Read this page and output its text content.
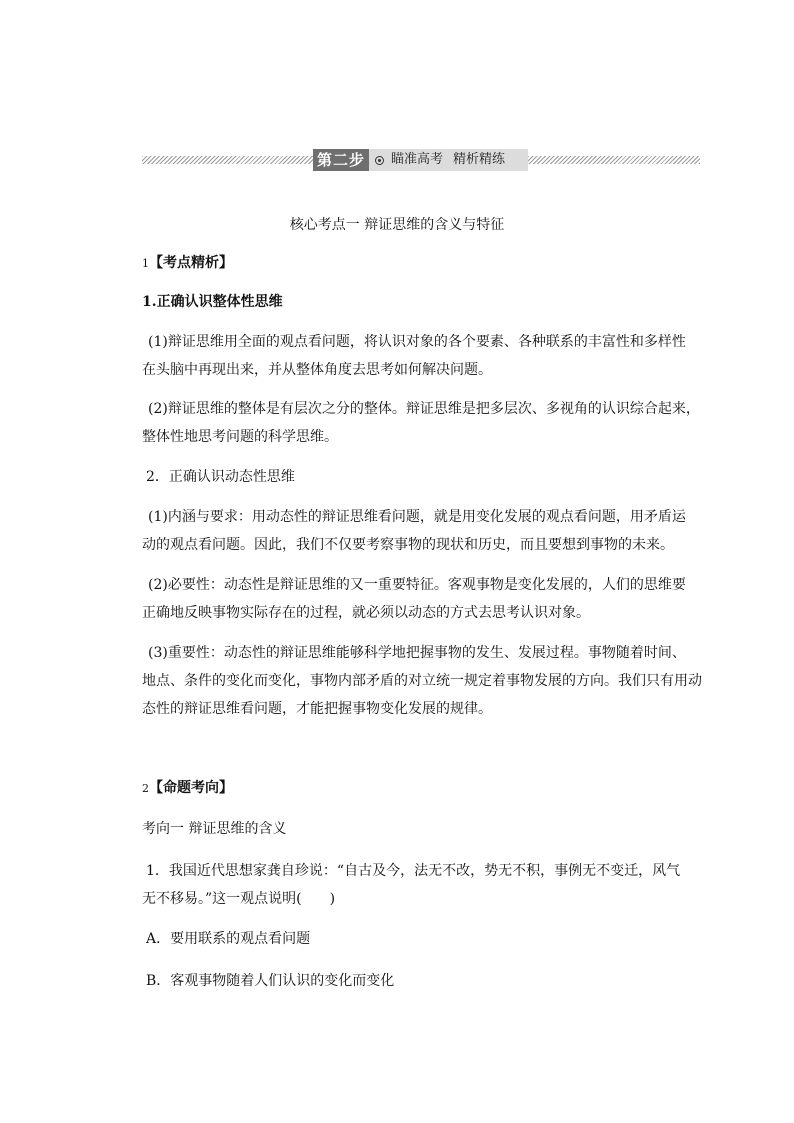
第二步	瞄准高考 精析精练
核心考点一 辩证思维的含义与特征
1【考点精析】
1.正确认识整体性思维
(1)辩证思维用全面的观点看问题，将认识对象的各个要素、各种联系的丰富性和多样性
在头脑中再现出来，并从整体角度去思考如何解决问题。
(2)辩证思维的整体是有层次之分的整体。辩证思维是把多层次、多视角的认识综合起来，
整体性地思考问题的科学思维。
2．正确认识动态性思维
(1)内涵与要求：用动态性的辩证思维看问题，就是用变化发展的观点看问题，用矛盾运
动的观点看问题。因此，我们不仅要考察事物的现状和历史，而且要想到事物的未来。
(2)必要性：动态性是辩证思维的又一重要特征。客观事物是变化发展的，人们的思维要
正确地反映事物实际存在的过程，就必须以动态的方式去思考认识对象。
(3)重要性：动态性的辩证思维能够科学地把握事物的发生、发展过程。事物随着时间、
地点、条件的变化而变化，事物内部矛盾的对立统一规定着事物发展的方向。我们只有用动
态性的辩证思维看问题，才能把握事物变化发展的规律。
2【命题考向】
考向一 辩证思维的含义
1．我国近代思想家龚自珍说：“自古及今，法无不改，势无不积，事例无不变迁，风气
无不移易。”这一观点说明(　　)
A．要用联系的观点看问题
B．客观事物随着人们认识的变化而变化
